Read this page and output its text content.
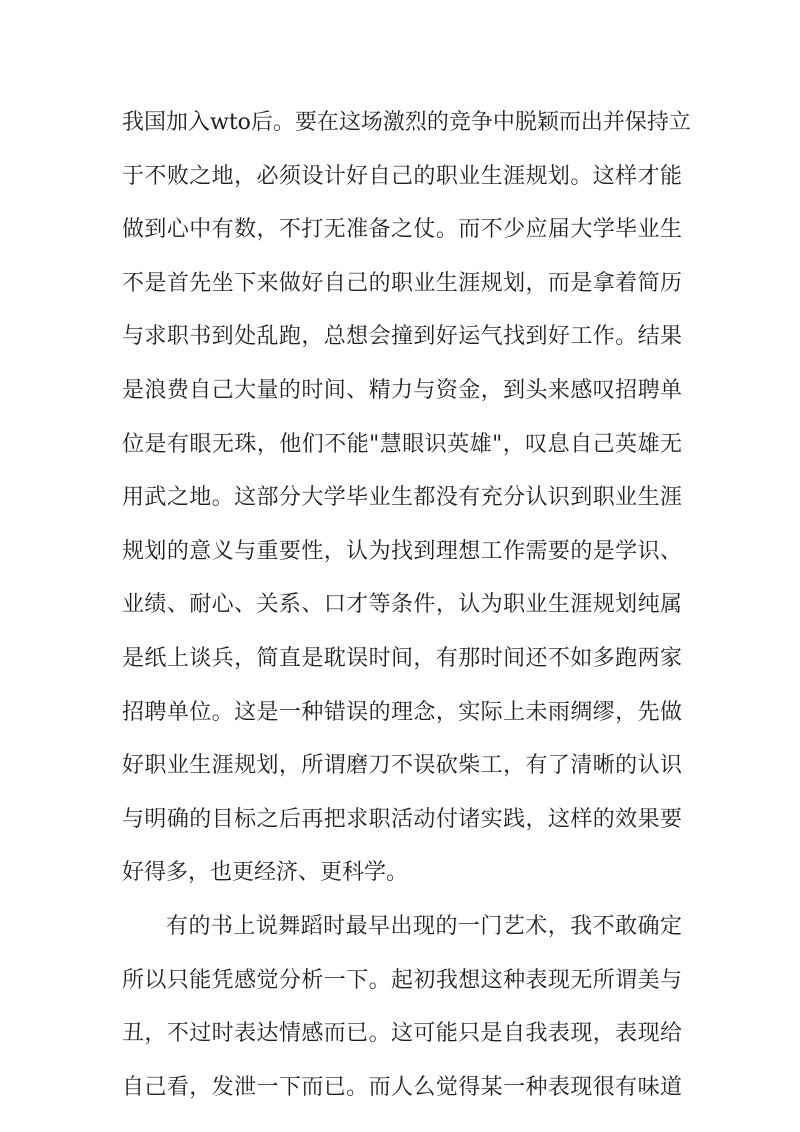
我国加入wto后。要在这场激烈的竞争中脱颖而出并保持立
于不败之地，必须设计好自己的职业生涯规划。这样才能
做到心中有数，不打无准备之仗。而不少应届大学毕业生
不是首先坐下来做好自己的职业生涯规划，而是拿着简历
与求职书到处乱跑，总想会撞到好运气找到好工作。结果
是浪费自己大量的时间、精力与资金，到头来感叹招聘单
位是有眼无珠，他们不能"慧眼识英雄"，叹息自己英雄无
用武之地。这部分大学毕业生都没有充分认识到职业生涯
规划的意义与重要性，认为找到理想工作需要的是学识、
业绩、耐心、关系、口才等条件，认为职业生涯规划纯属
是纸上谈兵，简直是耽误时间，有那时间还不如多跑两家
招聘单位。这是一种错误的理念，实际上未雨绸缪，先做
好职业生涯规划，所谓磨刀不误砍柴工，有了清晰的认识
与明确的目标之后再把求职活动付诸实践，这样的效果要
好得多，也更经济、更科学。

有的书上说舞蹈时最早出现的一门艺术，我不敢确定
所以只能凭感觉分析一下。起初我想这种表现无所谓美与
丑，不过时表达情感而已。这可能只是自我表现，表现给
自己看，发泄一下而已。而人么觉得某一种表现很有味道
